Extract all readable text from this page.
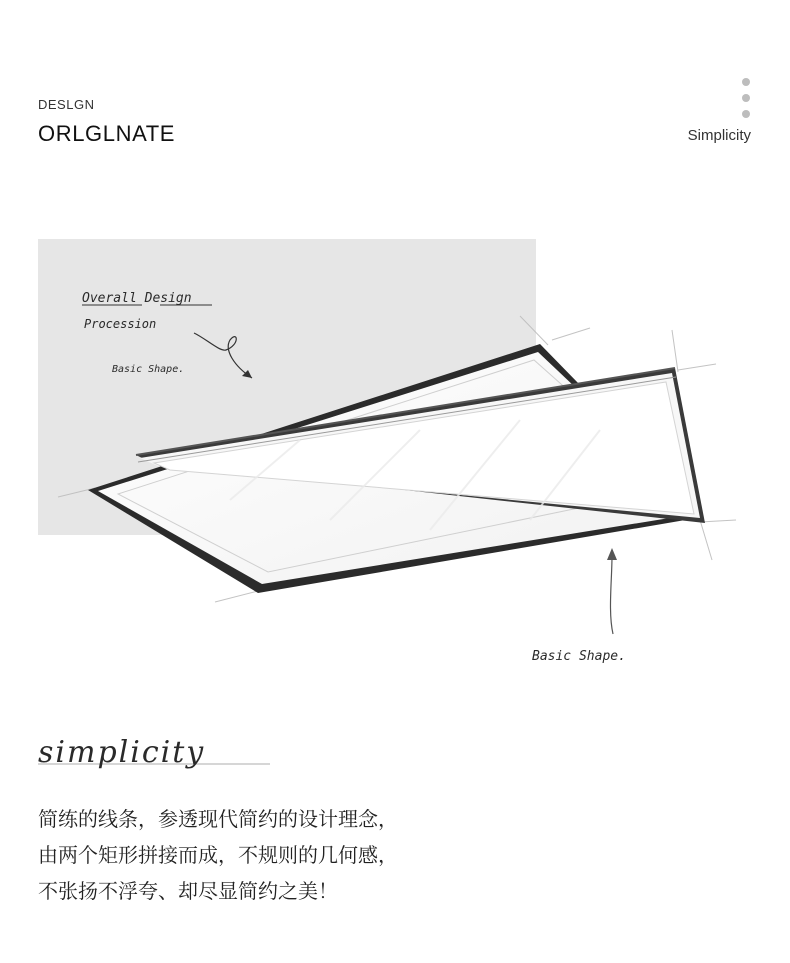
DESLGN
ORLGLNATE	Simplicity
Overall Design
Procession
Basic Shape.
Basic Shape.
simplicity
简练的线条，参透现代简约的设计理念，
由两个矩形拼接而成，不规则的几何感，
不张扬不浮夸、却尽显简约之美！
